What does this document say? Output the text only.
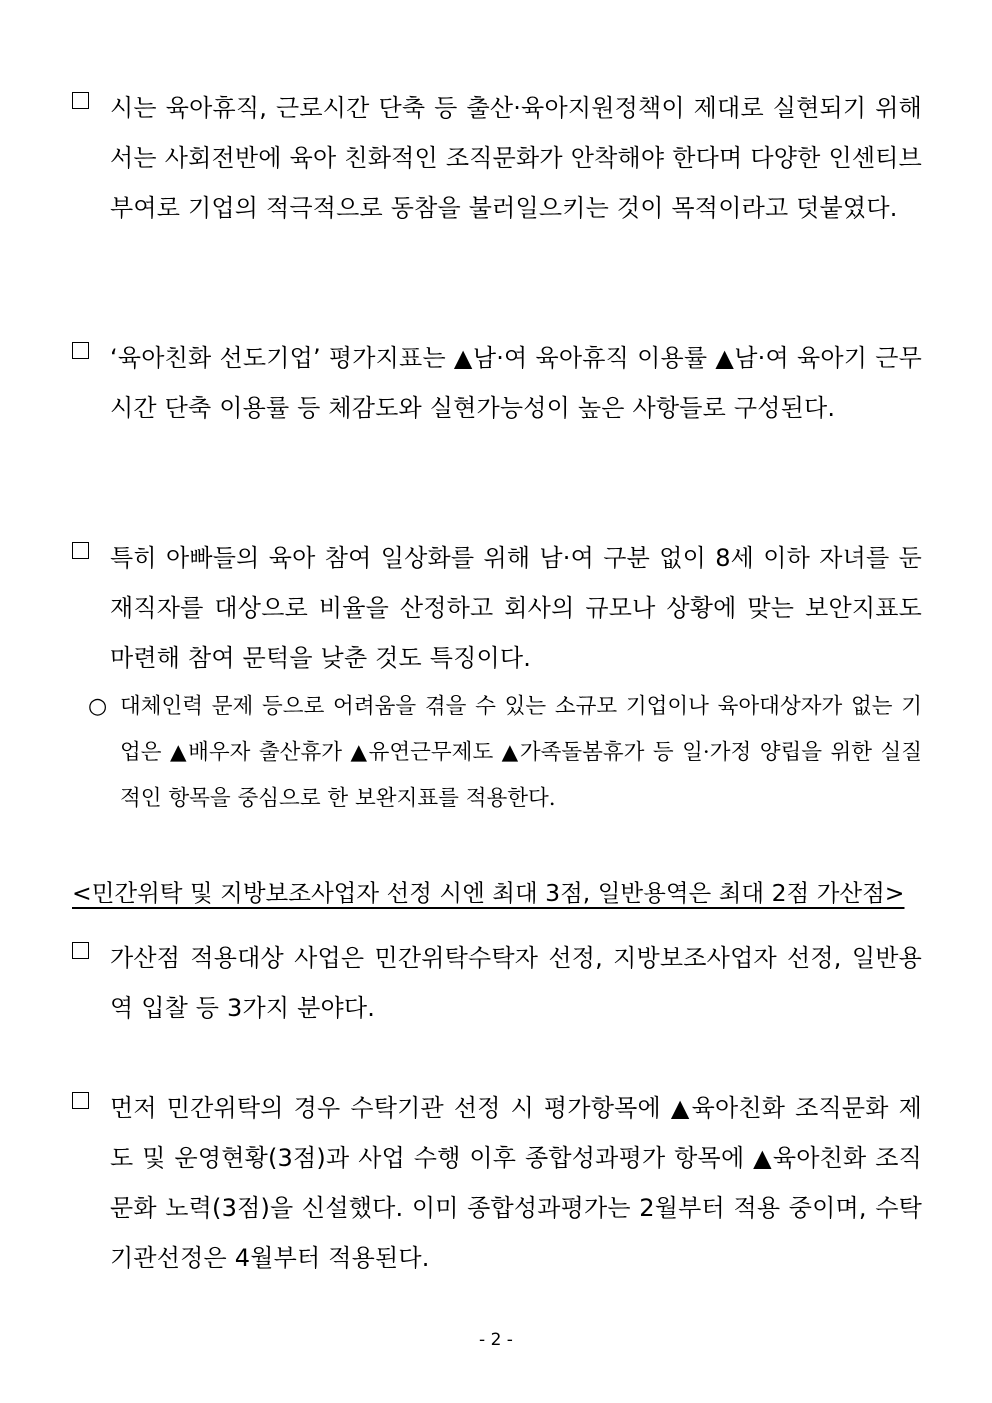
시는 육아휴직, 근로시간 단축 등 출산·육아지원정책이 제대로 실현되기 위해서는 사회전반에 육아 친화적인 조직문화가 안착해야 한다며 다양한 인센티브 부여로 기업의 적극적으로 동참을 불러일으키는 것이 목적이라고 덧붙였다.
‘육아친화 선도기업’ 평가지표는 ▲남·여 육아휴직 이용률 ▲남·여 육아기 근무시간 단축 이용률 등 체감도와 실현가능성이 높은 사항들로 구성된다.
특히 아빠들의 육아 참여 일상화를 위해 남·여 구분 없이 8세 이하 자녀를 둔 재직자를 대상으로 비율을 산정하고 회사의 규모나 상황에 맞는 보안지표도 마련해 참여 문턱을 낮춘 것도 특징이다.
○ 대체인력 문제 등으로 어려움을 겪을 수 있는 소규모 기업이나 육아대상자가 없는 기업은 ▲배우자 출산휴가 ▲유연근무제도 ▲가족돌봄휴가 등 일·가정 양립을 위한 실질적인 항목을 중심으로 한 보완지표를 적용한다.
<민간위탁 및 지방보조사업자 선정 시엔 최대 3점, 일반용역은 최대 2점 가산점>
가산점 적용대상 사업은 민간위탁수탁자 선정, 지방보조사업자 선정, 일반용역 입찰 등 3가지 분야다.
먼저 민간위탁의 경우 수탁기관 선정 시 평가항목에 ▲육아친화 조직문화 제도 및 운영현황(3점)과 사업 수행 이후 종합성과평가 항목에 ▲육아친화 조직문화 노력(3점)을 신설했다. 이미 종합성과평가는 2월부터 적용 중이며, 수탁기관선정은 4월부터 적용된다.
- 2 -
